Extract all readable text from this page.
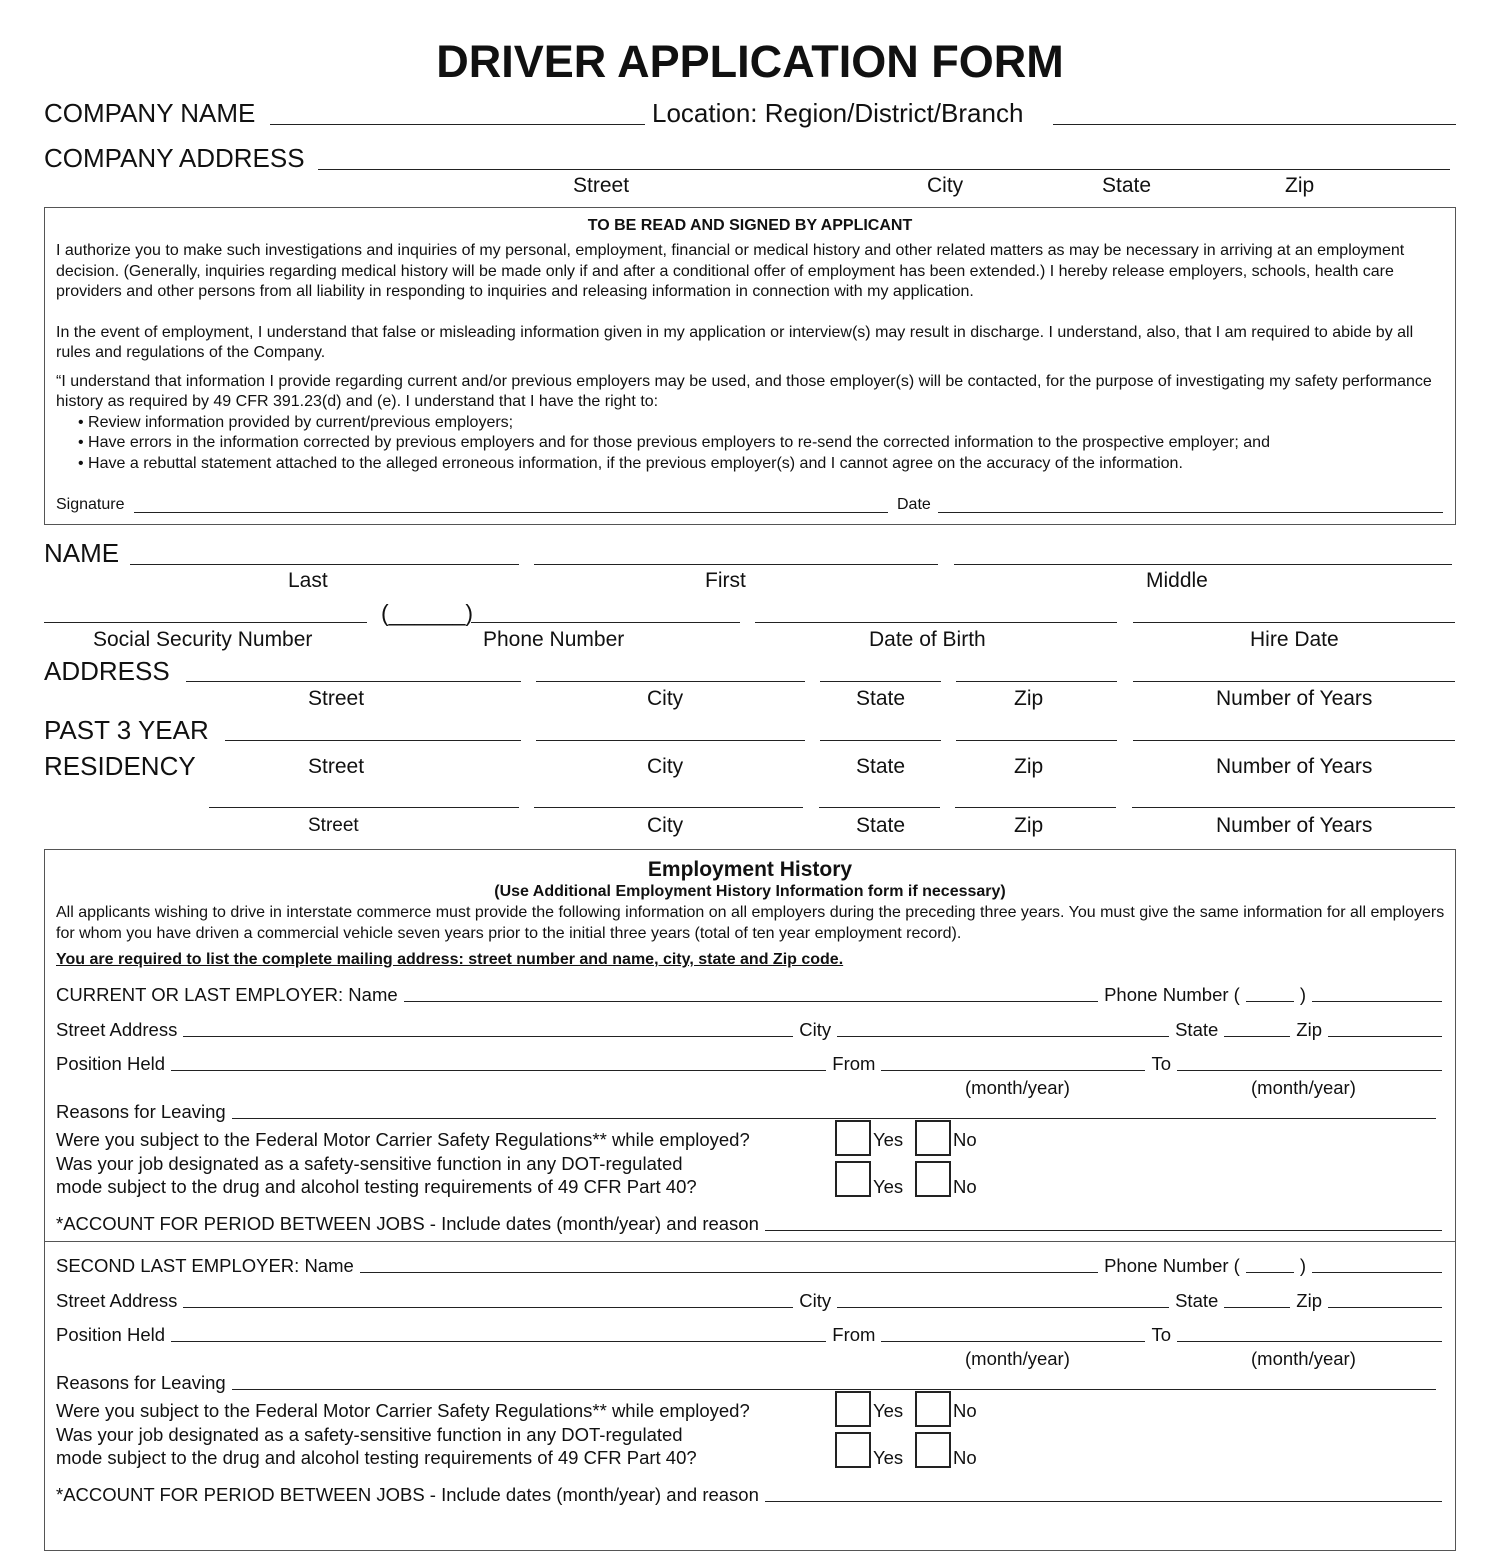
DRIVER APPLICATION FORM
COMPANY NAME	Location: Region/District/Branch
COMPANY ADDRESS
Street	City	State	Zip
TO BE READ AND SIGNED BY APPLICANT

I authorize you to make such investigations and inquiries of my personal, employment, financial or medical history and other related matters as may be necessary in arriving at an employment decision. (Generally, inquiries regarding medical history will be made only if and after a conditional offer of employment has been extended.) I hereby release employers, schools, health care providers and other persons from all liability in responding to inquiries and releasing information in connection with my application.

In the event of employment, I understand that false or misleading information given in my application or interview(s) may result in discharge. I understand, also, that I am required to abide by all rules and regulations of the Company.

“I understand that information I provide regarding current and/or previous employers may be used, and those employer(s) will be contacted, for the purpose of investigating my safety performance history as required by 49 CFR 391.23(d) and (e). I understand that I have the right to:

• Review information provided by current/previous employers;

• Have errors in the information corrected by previous employers and for those previous employers to re-send the corrected information to the prospective employer; and

• Have a rebuttal statement attached to the alleged erroneous information, if the previous employer(s) and I cannot agree on the accuracy of the information.

Signature	Date
NAME
Last	First	Middle
(______)
Social Security Number	Phone Number	Date of Birth	Hire Date
ADDRESS
Street	City	State	Zip	Number of Years
PAST 3 YEAR
RESIDENCY	Street	City	State	Zip	Number of Years
Street	City	State	Zip	Number of Years
Employment History
(Use Additional Employment History Information form if necessary)
All applicants wishing to drive in interstate commerce must provide the following information on all employers during the preceding three years. You must give the same information for all employers for whom you have driven a commercial vehicle seven years prior to the initial three years (total of ten year employment record).
You are required to list the complete mailing address: street number and name, city, state and Zip code.
CURRENT OR LAST EMPLOYER: Name	Phone Number (	)
Street Address	City	State	Zip
Position Held	From	To
(month/year)	(month/year)
Reasons for Leaving
Were you subject to the Federal Motor Carrier Safety Regulations** while employed?
Was your job designated as a safety-sensitive function in any DOT-regulated
mode subject to the drug and alcohol testing requirements of 49 CFR Part 40?
Yes	No
Yes	No
*ACCOUNT FOR PERIOD BETWEEN JOBS - Include dates (month/year) and reason
SECOND LAST EMPLOYER: Name	Phone Number (	)
Street Address	City	State	Zip
Position Held	From	To
(month/year)	(month/year)
Reasons for Leaving
Were you subject to the Federal Motor Carrier Safety Regulations** while employed?
Was your job designated as a safety-sensitive function in any DOT-regulated
mode subject to the drug and alcohol testing requirements of 49 CFR Part 40?
Yes	No
Yes	No
*ACCOUNT FOR PERIOD BETWEEN JOBS - Include dates (month/year) and reason
